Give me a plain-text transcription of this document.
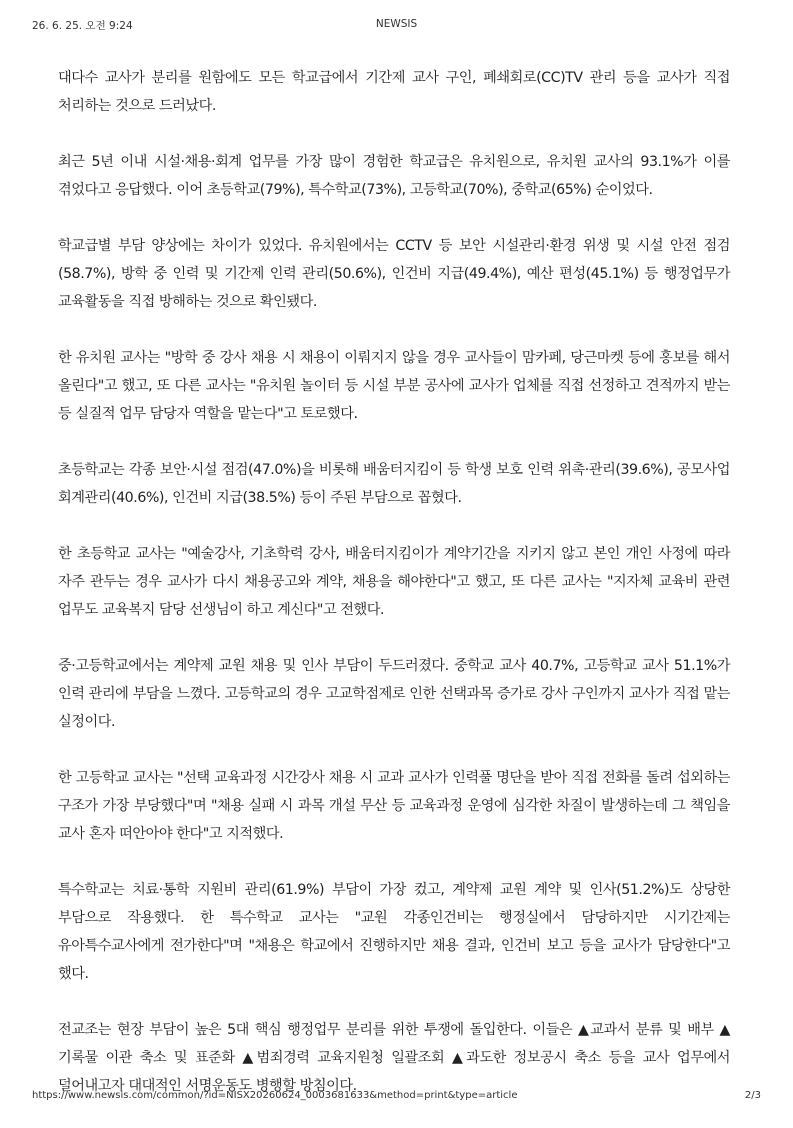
26. 6. 25. 오전 9:24	NEWSIS

대다수 교사가 분리를 원함에도 모든 학교급에서 기간제 교사 구인, 폐쇄회로(CC)TV 관리 등을 교사가 직접 처리하는 것으로 드러났다.

최근 5년 이내 시설·채용·회계 업무를 가장 많이 경험한 학교급은 유치원으로, 유치원 교사의 93.1%가 이를 겪었다고 응답했다. 이어 초등학교(79%), 특수학교(73%), 고등학교(70%), 중학교(65%) 순이었다.

학교급별 부담 양상에는 차이가 있었다. 유치원에서는 CCTV 등 보안 시설관리·환경 위생 및 시설 안전 점검(58.7%), 방학 중 인력 및 기간제 인력 관리(50.6%), 인건비 지급(49.4%), 예산 편성(45.1%) 등 행정업무가 교육활동을 직접 방해하는 것으로 확인됐다.

한 유치원 교사는 "방학 중 강사 채용 시 채용이 이뤄지지 않을 경우 교사들이 맘카페, 당근마켓 등에 홍보를 해서 올린다"고 했고, 또 다른 교사는 "유치원 놀이터 등 시설 부분 공사에 교사가 업체를 직접 선정하고 견적까지 받는 등 실질적 업무 담당자 역할을 맡는다"고 토로했다.

초등학교는 각종 보안·시설 점검(47.0%)을 비롯해 배움터지킴이 등 학생 보호 인력 위촉·관리(39.6%), 공모사업 회계관리(40.6%), 인건비 지급(38.5%) 등이 주된 부담으로 꼽혔다.

한 초등학교 교사는 "예술강사, 기초학력 강사, 배움터지킴이가 계약기간을 지키지 않고 본인 개인 사정에 따라 자주 관두는 경우 교사가 다시 채용공고와 계약, 채용을 해야한다"고 했고, 또 다른 교사는 "지자체 교육비 관련 업무도 교육복지 담당 선생님이 하고 계신다"고 전했다.

중·고등학교에서는 계약제 교원 채용 및 인사 부담이 두드러졌다. 중학교 교사 40.7%, 고등학교 교사 51.1%가 인력 관리에 부담을 느꼈다. 고등학교의 경우 고교학점제로 인한 선택과목 증가로 강사 구인까지 교사가 직접 맡는 실정이다.

한 고등학교 교사는 "선택 교육과정 시간강사 채용 시 교과 교사가 인력풀 명단을 받아 직접 전화를 돌려 섭외하는 구조가 가장 부당했다"며 "채용 실패 시 과목 개설 무산 등 교육과정 운영에 심각한 차질이 발생하는데 그 책임을 교사 혼자 떠안아야 한다"고 지적했다.

특수학교는 치료·통학 지원비 관리(61.9%) 부담이 가장 컸고, 계약제 교원 계약 및 인사(51.2%)도 상당한 부담으로 작용했다. 한 특수학교 교사는 "교원 각종인건비는 행정실에서 담당하지만 시기간제는 유아특수교사에게 전가한다"며 "채용은 학교에서 진행하지만 채용 결과, 인건비 보고 등을 교사가 담당한다"고 했다.

전교조는 현장 부담이 높은 5대 핵심 행정업무 분리를 위한 투쟁에 돌입한다. 이들은 ▲교과서 분류 및 배부 ▲기록물 이관 축소 및 표준화 ▲범죄경력 교육지원청 일괄조회 ▲과도한 정보공시 축소 등을 교사 업무에서 덜어내고자 대대적인 서명운동도 병행할 방침이다.

https://www.newsis.com/common/?id=NISX20260624_0003681633&method=print&type=article	2/3
